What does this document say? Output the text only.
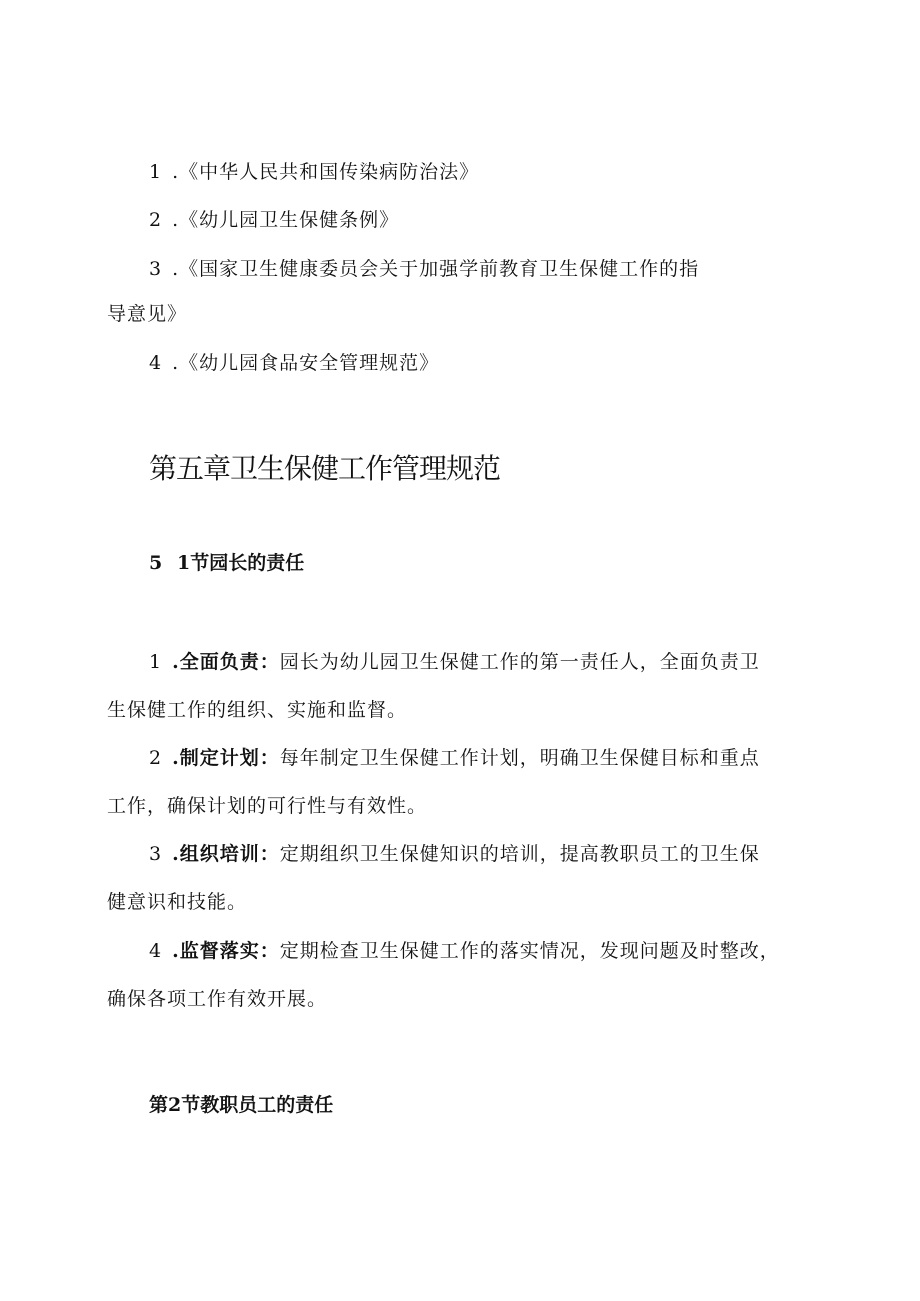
1 .《中华人民共和国传染病防治法》
2 .《幼儿园卫生保健条例》
3 .《国家卫生健康委员会关于加强学前教育卫生保健工作的指
导意见》
4 .《幼儿园食品安全管理规范》
第五章卫生保健工作管理规范
5 1节园长的责任
1 .全面负责：园长为幼儿园卫生保健工作的第一责任人，全面负责卫
生保健工作的组织、实施和监督。
2 .制定计划：每年制定卫生保健工作计划，明确卫生保健目标和重点
工作，确保计划的可行性与有效性。
3 .组织培训：定期组织卫生保健知识的培训，提高教职员工的卫生保
健意识和技能。
4 .监督落实：定期检查卫生保健工作的落实情况，发现问题及时整改，
确保各项工作有效开展。
第2节教职员工的责任
